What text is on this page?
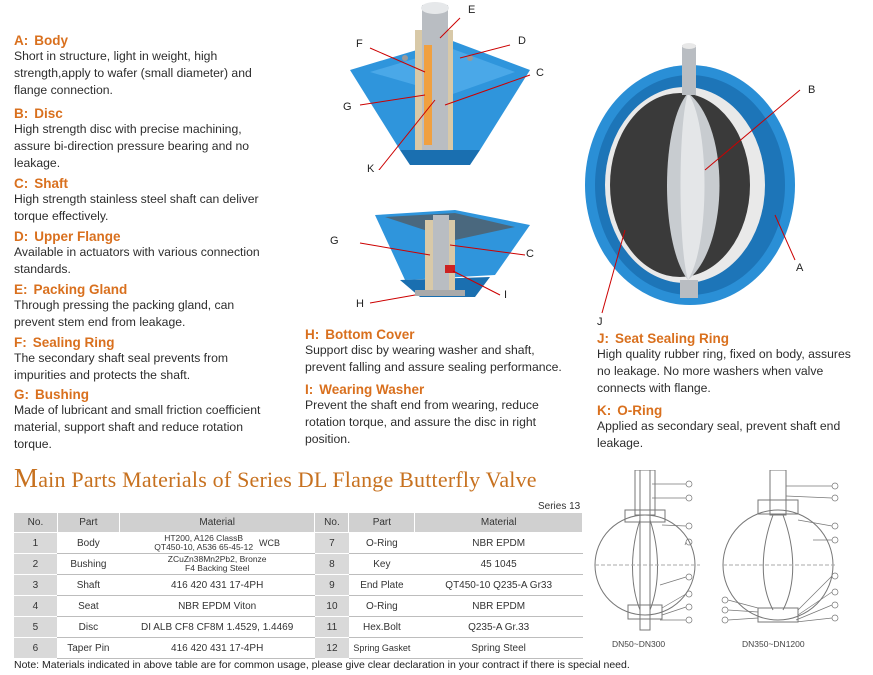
A: Body
Short in structure, light in weight, high
strength,apply to wafer (small diameter) and
flange connection.
B: Disc
High strength disc with precise machining,
assure bi-direction pressure bearing and no
leakage.
C: Shaft
High strength stainless steel shaft can deliver
torque effectively.
D: Upper Flange
Available in actuators with various connection
standards.
E: Packing Gland
Through pressing the packing gland, can
prevent stem end from leakage.
F: Sealing Ring
The secondary shaft seal prevents from
impurities and protects the shaft.
G: Bushing
Made of lubricant and small friction coefficient
material, support shaft and reduce rotation
torque.
H: Bottom Cover
Support disc by wearing washer and shaft,
prevent falling and assure sealing performance.
I: Wearing Washer
Prevent the shaft end from wearing, reduce
rotation torque, and assure the disc in right
position.
J: Seat Sealing Ring
High quality rubber ring, fixed on body, assures
no leakage. No more washers when valve
connects with flange.
K: O-Ring
Applied as secondary seal, prevent shaft end
leakage.
E
F	D
C
G
K
G
C
H
I
B
A
J
Main Parts Materials of Series DL Flange Butterfly Valve
Series 13
No.	Part	Material	No.	Part	Material
1	Body	HT200, A126 ClassB
QT450-10, A536 65-45-12 WCB	7	O-Ring	NBR EPDM
2	Bushing	ZCuZn38Mn2Pb2, Bronze
F4 Backing Steel	8	Key	45 1045
3	Shaft	416 420 431 17-4PH	9	End Plate	QT450-10 Q235-A Gr33
4	Seat	NBR EPDM Viton	10	O-Ring	NBR EPDM
5	Disc	DI ALB CF8 CF8M 1.4529, 1.4469	11	Hex.Bolt	Q235-A Gr.33
6	Taper Pin	416 420 431 17-4PH	12	Spring Gasket	Spring Steel	DN50~DN300	DN350~DN1200
Note: Materials indicated in above table are for common usage, please give clear declaration in your contract if there is special need.
